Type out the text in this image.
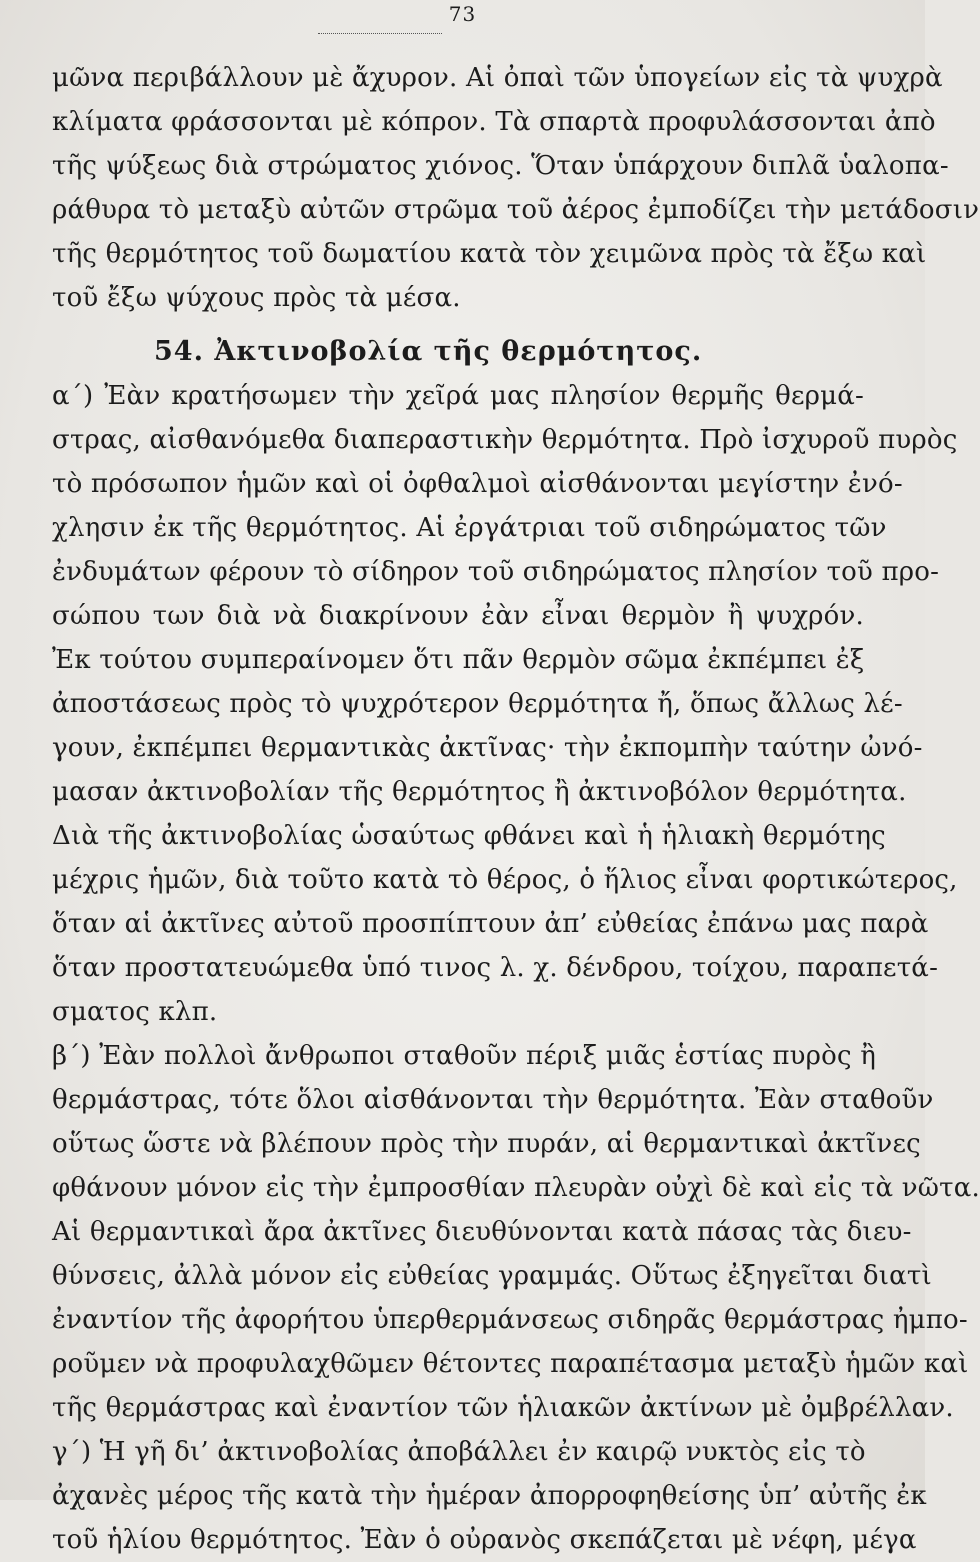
73
μῶνα περιβάλλουν μὲ ἄχυρον. Αἱ ὀπαὶ τῶν ὑπογείων εἰς τὰ ψυχρὰ
κλίματα φράσσονται μὲ κόπρον. Τὰ σπαρτὰ προφυλάσσονται ἀπὸ
τῆς ψύξεως διὰ στρώματος χιόνος. Ὅταν ὑπάρχουν διπλᾶ ὑαλοπα-
ράθυρα τὸ μεταξὺ αὐτῶν στρῶμα τοῦ ἀέρος ἐμποδίζει τὴν μετάδοσιν
τῆς θερμότητος τοῦ δωματίου κατὰ τὸν χειμῶνα πρὸς τὰ ἔξω καὶ
τοῦ ἔξω ψύχους πρὸς τὰ μέσα.
54. Ἀκτινοβολία τῆς θερμότητος.
α΄) Ἐὰν κρατήσωμεν τὴν χεῖρά μας πλησίον θερμῆς θερμά-
στρας, αἰσθανόμεθα διαπεραστικὴν θερμότητα. Πρὸ ἰσχυροῦ πυρὸς
τὸ πρόσωπον ἡμῶν καὶ οἱ ὀφθαλμοὶ αἰσθάνονται μεγίστην ἐνό-
χλησιν ἐκ τῆς θερμότητος. Αἱ ἐργάτριαι τοῦ σιδηρώματος τῶν
ἐνδυμάτων φέρουν τὸ σίδηρον τοῦ σιδηρώματος πλησίον τοῦ προ-
σώπου των διὰ νὰ διακρίνουν ἐὰν εἶναι θερμὸν ἢ ψυχρόν.
Ἐκ τούτου συμπεραίνομεν ὅτι πᾶν θερμὸν σῶμα ἐκπέμπει ἐξ
ἀποστάσεως πρὸς τὸ ψυχρότερον θερμότητα ἤ, ὅπως ἄλλως λέ-
γουν, ἐκπέμπει θερμαντικὰς ἀκτῖνας· τὴν ἐκπομπὴν ταύτην ὠνό-
μασαν ἀκτινοβολίαν τῆς θερμότητος ἢ ἀκτινοβόλον θερμότητα.
Διὰ τῆς ἀκτινοβολίας ὡσαύτως φθάνει καὶ ἡ ἡλιακὴ θερμότης
μέχρις ἡμῶν, διὰ τοῦτο κατὰ τὸ θέρος, ὁ ἥλιος εἶναι φορτικώτερος,
ὅταν αἱ ἀκτῖνες αὐτοῦ προσπίπτουν ἀπ’ εὐθείας ἐπάνω μας παρὰ
ὅταν προστατευώμεθα ὑπό τινος λ. χ. δένδρου, τοίχου, παραπετά-
σματος κλπ.
β΄) Ἐὰν πολλοὶ ἄνθρωποι σταθοῦν πέριξ μιᾶς ἑστίας πυρὸς ἢ
θερμάστρας, τότε ὅλοι αἰσθάνονται τὴν θερμότητα. Ἐὰν σταθοῦν
οὕτως ὥστε νὰ βλέπουν πρὸς τὴν πυράν, αἱ θερμαντικαὶ ἀκτῖνες
φθάνουν μόνον εἰς τὴν ἐμπροσθίαν πλευρὰν οὐχὶ δὲ καὶ εἰς τὰ νῶτα.
Αἱ θερμαντικαὶ ἄρα ἀκτῖνες διευθύνονται κατὰ πάσας τὰς διευ-
θύνσεις, ἀλλὰ μόνον εἰς εὐθείας γραμμάς. Οὕτως ἐξηγεῖται διατὶ
ἐναντίον τῆς ἀφορήτου ὑπερθερμάνσεως σιδηρᾶς θερμάστρας ἠμπο-
ροῦμεν νὰ προφυλαχθῶμεν θέτοντες παραπέτασμα μεταξὺ ἡμῶν καὶ
τῆς θερμάστρας καὶ ἐναντίον τῶν ἡλιακῶν ἀκτίνων μὲ ὀμβρέλλαν.
γ΄) Ἡ γῆ δι’ ἀκτινοβολίας ἀποβάλλει ἐν καιρῷ νυκτὸς εἰς τὸ
ἀχανὲς μέρος τῆς κατὰ τὴν ἡμέραν ἀπορροφηθείσης ὑπ’ αὐτῆς ἐκ
τοῦ ἡλίου θερμότητος. Ἐὰν ὁ οὐρανὸς σκεπάζεται μὲ νέφη, μέγα
